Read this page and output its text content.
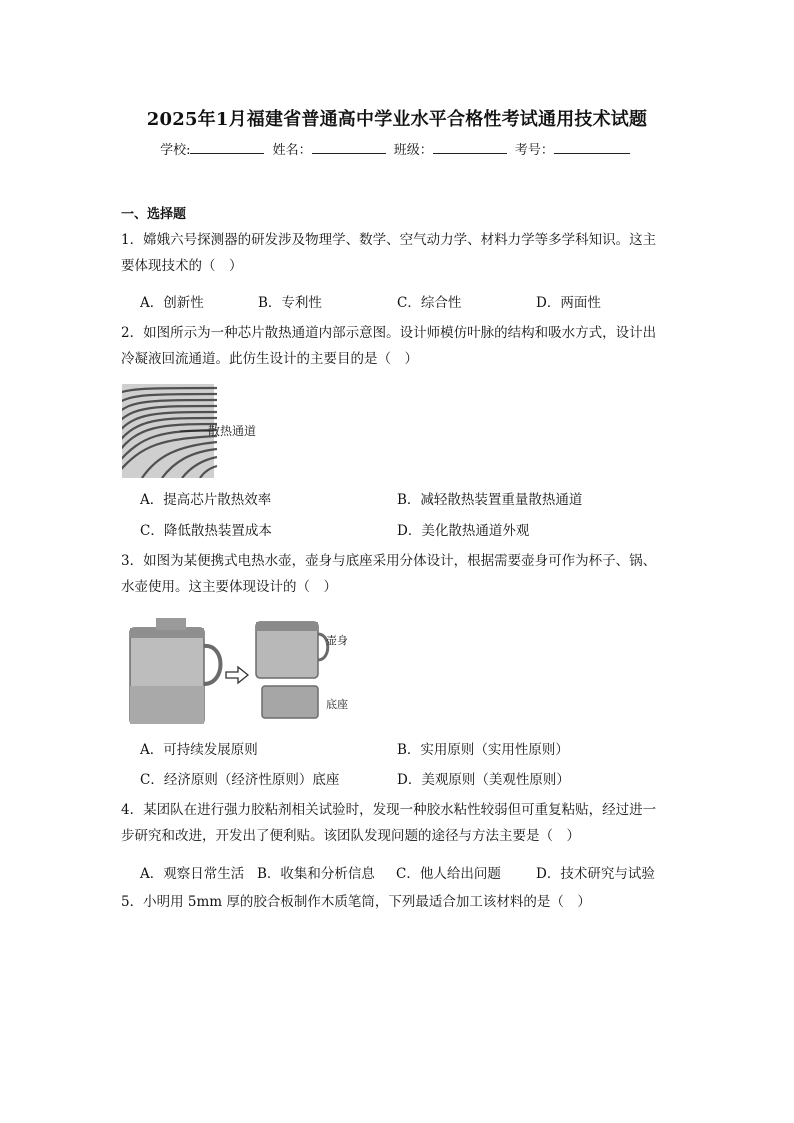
2025年1月福建省普通高中学业水平合格性考试通用技术试题
学校:	姓名：	班级：	考号：
一、选择题
1．嫦娥六号探测器的研发涉及物理学、数学、空气动力学、材料力学等多学科知识。这主
要体现技术的（　）
A．创新性	B．专利性	C．综合性	D．两面性
2．如图所示为一种芯片散热通道内部示意图。设计师模仿叶脉的结构和吸水方式，设计出
冷凝液回流通道。此仿生设计的主要目的是（　）
散热通道
A．提高芯片散热效率	B．减轻散热装置重量散热通道
C．降低散热装置成本	D．美化散热通道外观
3．如图为某便携式电热水壶，壶身与底座采用分体设计，根据需要壶身可作为杯子、锅、
水壶使用。这主要体现设计的（　）
壶身
底座
A．可持续发展原则	B．实用原则（实用性原则）
C．经济原则（经济性原则）底座	D．美观原则（美观性原则）
4．某团队在进行强力胶粘剂相关试验时，发现一种胶水粘性较弱但可重复粘贴，经过进一
步研究和改进，开发出了便利贴。该团队发现问题的途径与方法主要是（　）
A．观察日常生活 B．收集和分析信息 C．他人给出问题	D．技术研究与试验
5．小明用 5mm 厚的胶合板制作木质笔筒，下列最适合加工该材料的是（　）
